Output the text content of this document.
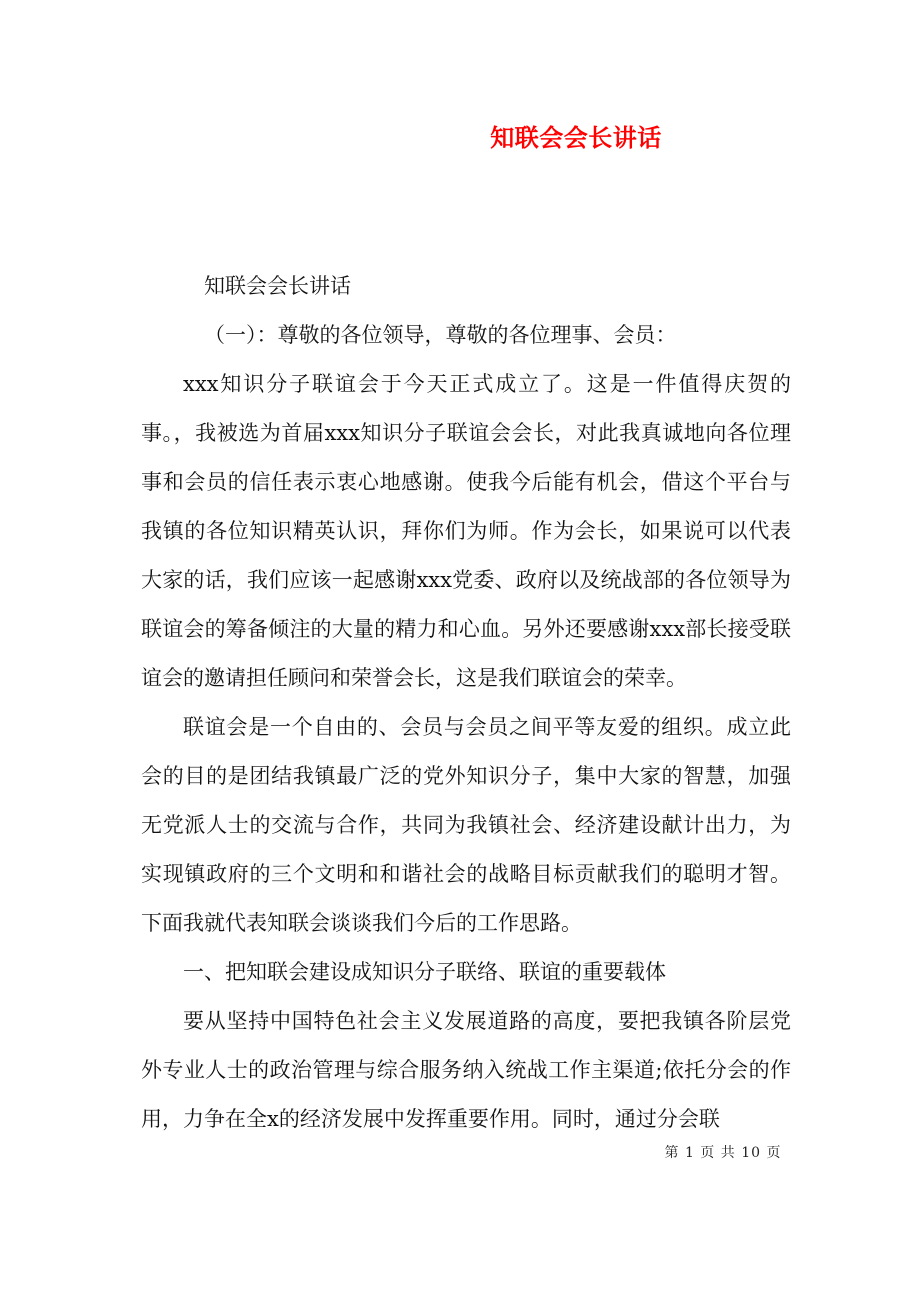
知联会会长讲话

知联会会长讲话

（一）：尊敬的各位领导，尊敬的各位理事、会员：

xxx知识分子联谊会于今天正式成立了。这是一件值得庆贺的事。，我被选为首届xxx知识分子联谊会会长，对此我真诚地向各位理事和会员的信任表示衷心地感谢。使我今后能有机会，借这个平台与我镇的各位知识精英认识，拜你们为师。作为会长，如果说可以代表大家的话，我们应该一起感谢xxx党委、政府以及统战部的各位领导为联谊会的筹备倾注的大量的精力和心血。另外还要感谢xxx部长接受联谊会的邀请担任顾问和荣誉会长，这是我们联谊会的荣幸。

联谊会是一个自由的、会员与会员之间平等友爱的组织。成立此会的目的是团结我镇最广泛的党外知识分子，集中大家的智慧，加强无党派人士的交流与合作，共同为我镇社会、经济建设献计出力，为实现镇政府的三个文明和和谐社会的战略目标贡献我们的聪明才智。下面我就代表知联会谈谈我们今后的工作思路。

一、把知联会建设成知识分子联络、联谊的重要载体

要从坚持中国特色社会主义发展道路的高度，要把我镇各阶层党外专业人士的政治管理与综合服务纳入统战工作主渠道;依托分会的作用，力争在全x的经济发展中发挥重要作用。同时，通过分会联

第 1 页 共 10 页
